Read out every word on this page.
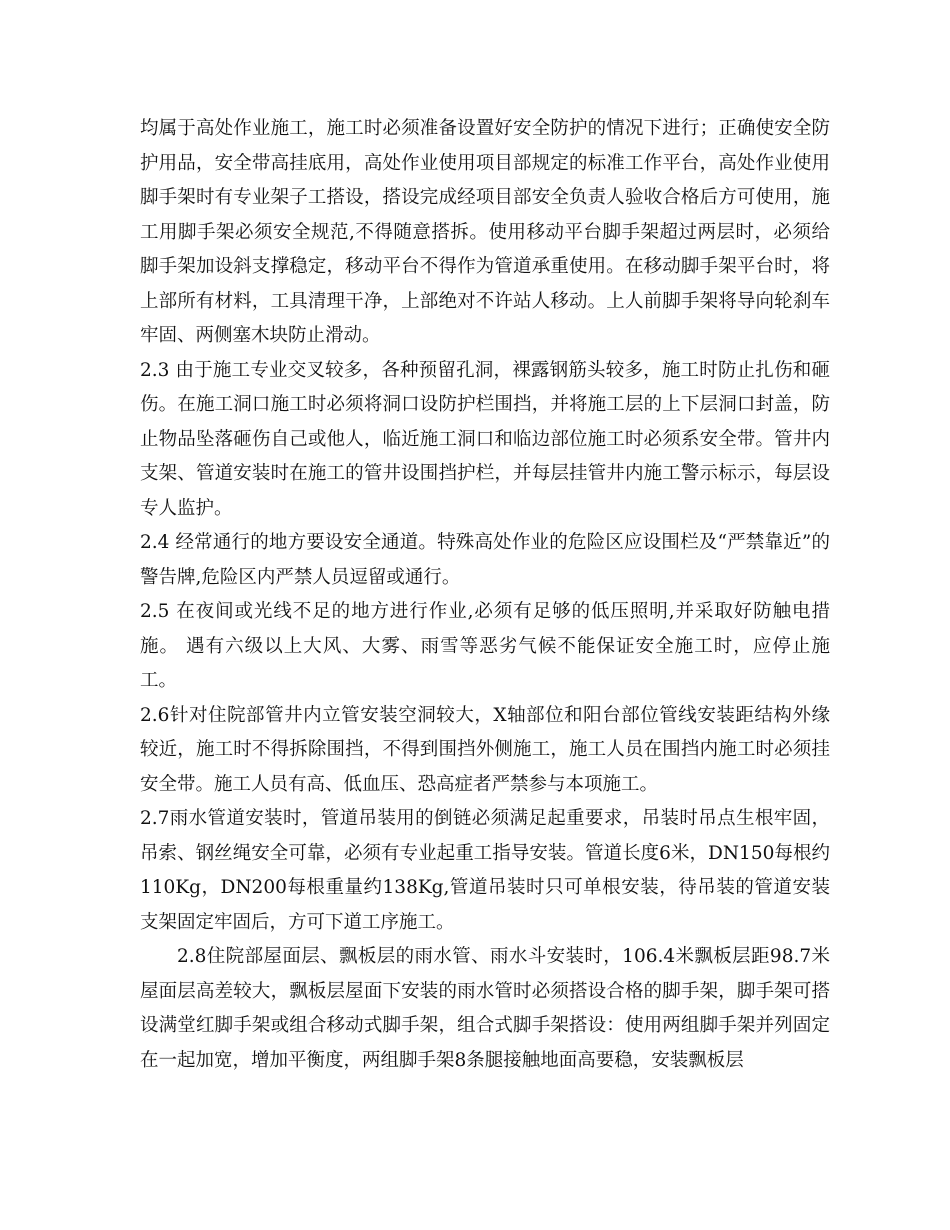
均属于高处作业施工，施工时必须准备设置好安全防护的情况下进行；正确使安全防护用品，安全带高挂底用，高处作业使用项目部规定的标准工作平台，高处作业使用脚手架时有专业架子工搭设，搭设完成经项目部安全负责人验收合格后方可使用，施工用脚手架必须安全规范,不得随意搭拆。使用移动平台脚手架超过两层时，必须给脚手架加设斜支撑稳定，移动平台不得作为管道承重使用。在移动脚手架平台时，将上部所有材料，工具清理干净，上部绝对不许站人移动。上人前脚手架将导向轮刹车牢固、两侧塞木块防止滑动。

2.3 由于施工专业交叉较多，各种预留孔洞，裸露钢筋头较多，施工时防止扎伤和砸伤。在施工洞口施工时必须将洞口设防护栏围挡，并将施工层的上下层洞口封盖，防止物品坠落砸伤自己或他人，临近施工洞口和临边部位施工时必须系安全带。管井内支架、管道安装时在施工的管井设围挡护栏，并每层挂管井内施工警示标示，每层设专人监护。

2.4 经常通行的地方要设安全通道。特殊高处作业的危险区应设围栏及“严禁靠近”的警告牌,危险区内严禁人员逗留或通行。

2.5 在夜间或光线不足的地方进行作业,必须有足够的低压照明,并采取好防触电措施。 遇有六级以上大风、大雾、雨雪等恶劣气候不能保证安全施工时，应停止施工。

2.6针对住院部管井内立管安装空洞较大，X轴部位和阳台部位管线安装距结构外缘较近，施工时不得拆除围挡，不得到围挡外侧施工，施工人员在围挡内施工时必须挂安全带。施工人员有高、低血压、恐高症者严禁参与本项施工。

2.7雨水管道安装时，管道吊装用的倒链必须满足起重要求，吊装时吊点生根牢固，吊索、钢丝绳安全可靠，必须有专业起重工指导安装。管道长度6米，DN150每根约110Kg，DN200每根重量约138Kg,管道吊装时只可单根安装，待吊装的管道安装支架固定牢固后，方可下道工序施工。

2.8住院部屋面层、飘板层的雨水管、雨水斗安装时，106.4米飘板层距98.7米屋面层高差较大，飘板层屋面下安装的雨水管时必须搭设合格的脚手架，脚手架可搭设满堂红脚手架或组合移动式脚手架，组合式脚手架搭设：使用两组脚手架并列固定在一起加宽，增加平衡度，两组脚手架8条腿接触地面高要稳，安装飘板层
